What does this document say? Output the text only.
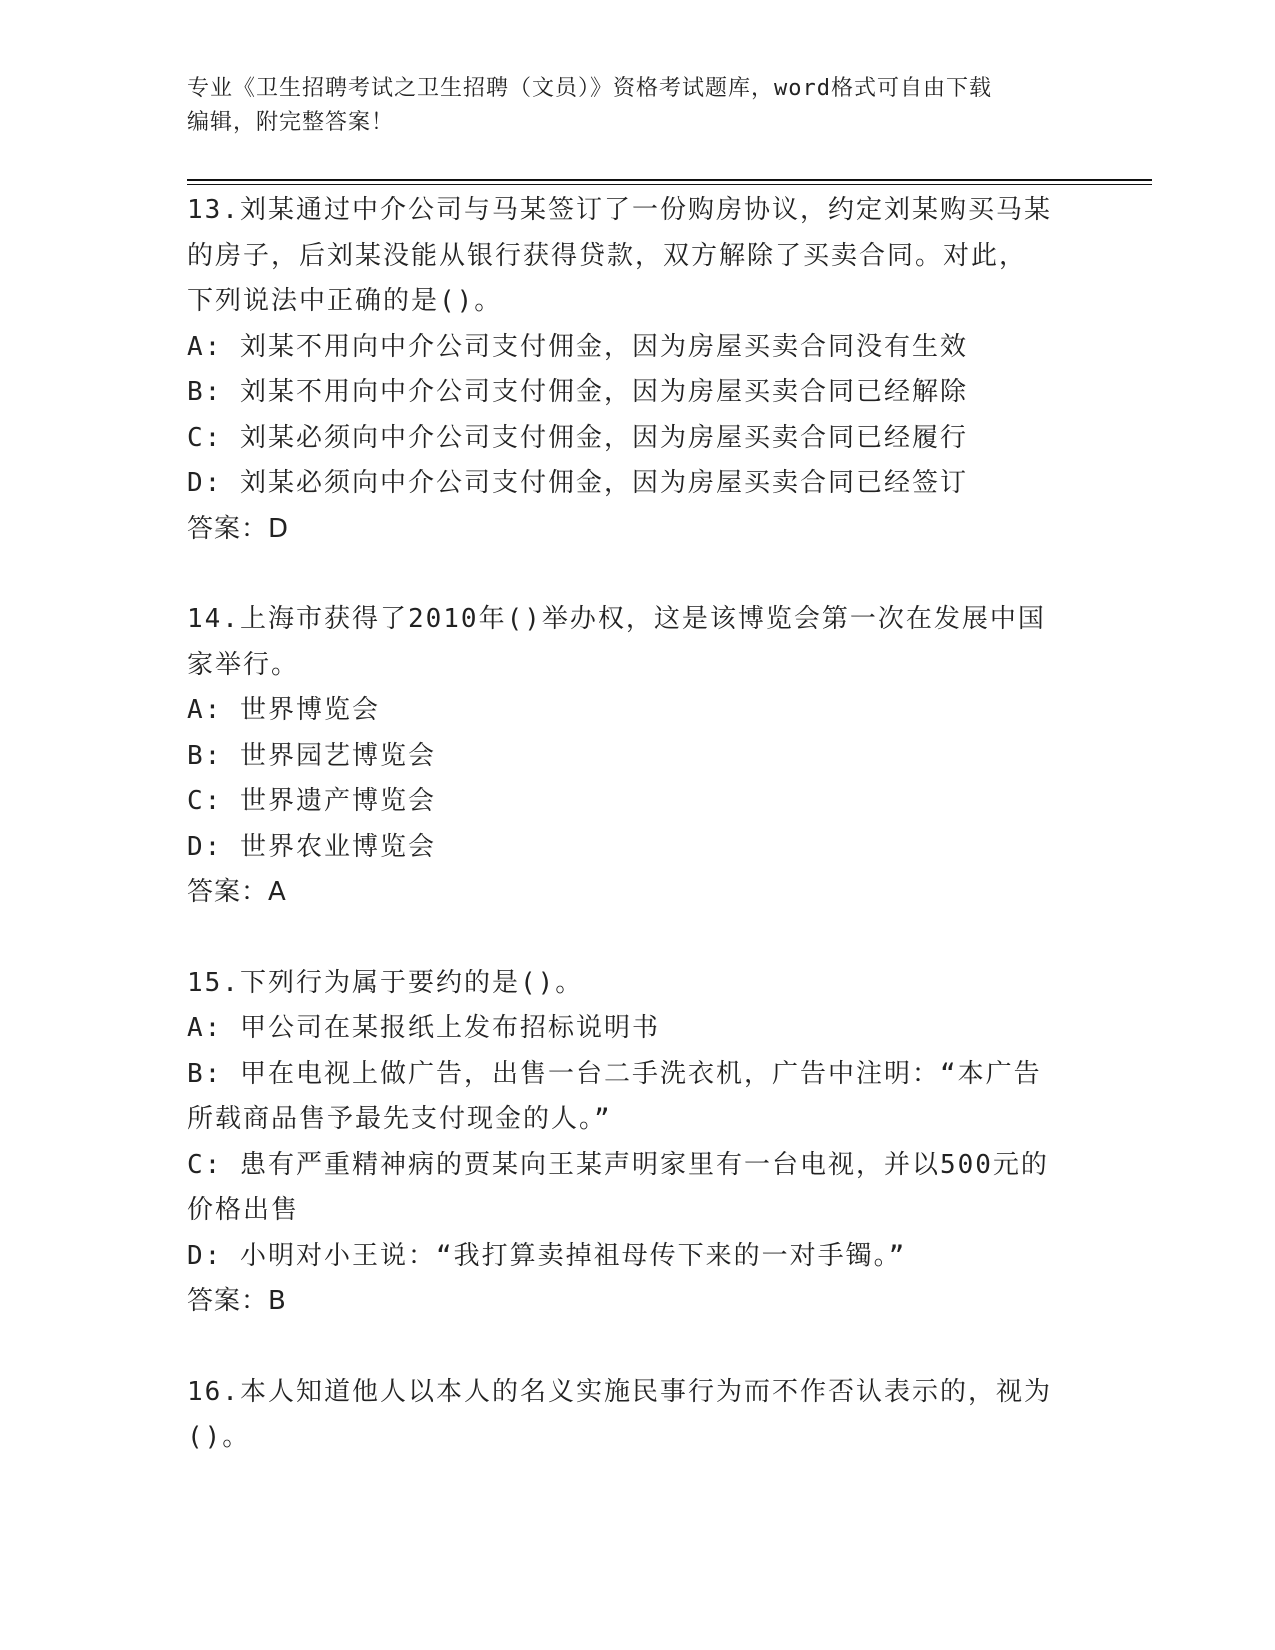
专业《卫生招聘考试之卫生招聘（文员）》资格考试题库，word格式可自由下载
编辑，附完整答案！

13.刘某通过中介公司与马某签订了一份购房协议，约定刘某购买马某

的房子，后刘某没能从银行获得贷款，双方解除了买卖合同。对此，

下列说法中正确的是()。

A: 刘某不用向中介公司支付佣金，因为房屋买卖合同没有生效

B: 刘某不用向中介公司支付佣金，因为房屋买卖合同已经解除

C: 刘某必须向中介公司支付佣金，因为房屋买卖合同已经履行

D: 刘某必须向中介公司支付佣金，因为房屋买卖合同已经签订

答案：D

14.上海市获得了2010年()举办权，这是该博览会第一次在发展中国

家举行。

A: 世界博览会

B: 世界园艺博览会

C: 世界遗产博览会

D: 世界农业博览会

答案：A

15.下列行为属于要约的是()。

A: 甲公司在某报纸上发布招标说明书

B: 甲在电视上做广告，出售一台二手洗衣机，广告中注明：“本广告

所载商品售予最先支付现金的人。”

C: 患有严重精神病的贾某向王某声明家里有一台电视，并以500元的

价格出售

D: 小明对小王说：“我打算卖掉祖母传下来的一对手镯。”

答案：B

16.本人知道他人以本人的名义实施民事行为而不作否认表示的，视为

()。
